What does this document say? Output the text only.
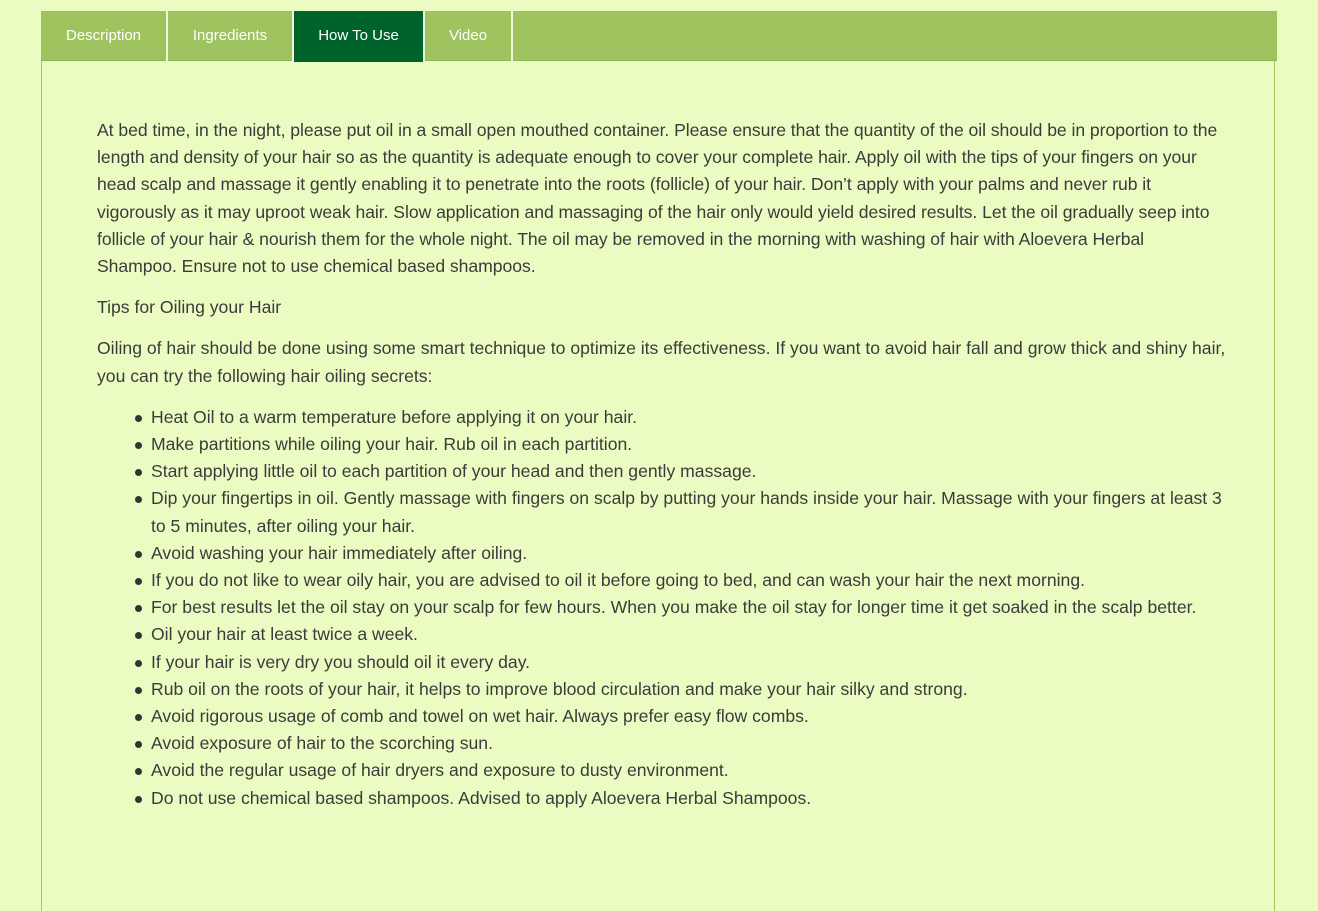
Description	Ingredients	How To Use	Video

At bed time, in the night, please put oil in a small open mouthed container. Please ensure that the quantity of the oil should be in proportion to the length and density of your hair so as the quantity is adequate enough to cover your complete hair. Apply oil with the tips of your fingers on your head scalp and massage it gently enabling it to penetrate into the roots (follicle) of your hair. Don’t apply with your palms and never rub it vigorously as it may uproot weak hair. Slow application and massaging of the hair only would yield desired results. Let the oil gradually seep into follicle of your hair & nourish them for the whole night. The oil may be removed in the morning with washing of hair with Aloevera Herbal Shampoo. Ensure not to use chemical based shampoos.

Tips for Oiling your Hair

Oiling of hair should be done using some smart technique to optimize its effectiveness. If you want to avoid hair fall and grow thick and shiny hair, you can try the following hair oiling secrets:

Heat Oil to a warm temperature before applying it on your hair.
Make partitions while oiling your hair. Rub oil in each partition.
Start applying little oil to each partition of your head and then gently massage.
Dip your fingertips in oil. Gently massage with fingers on scalp by putting your hands inside your hair. Massage with your fingers at least 3 to 5 minutes, after oiling your hair.
Avoid washing your hair immediately after oiling.
If you do not like to wear oily hair, you are advised to oil it before going to bed, and can wash your hair the next morning.
For best results let the oil stay on your scalp for few hours. When you make the oil stay for longer time it get soaked in the scalp better.
Oil your hair at least twice a week.
If your hair is very dry you should oil it every day.
Rub oil on the roots of your hair, it helps to improve blood circulation and make your hair silky and strong.
Avoid rigorous usage of comb and towel on wet hair. Always prefer easy flow combs.
Avoid exposure of hair to the scorching sun.
Avoid the regular usage of hair dryers and exposure to dusty environment.
Do not use chemical based shampoos. Advised to apply Aloevera Herbal Shampoos.
